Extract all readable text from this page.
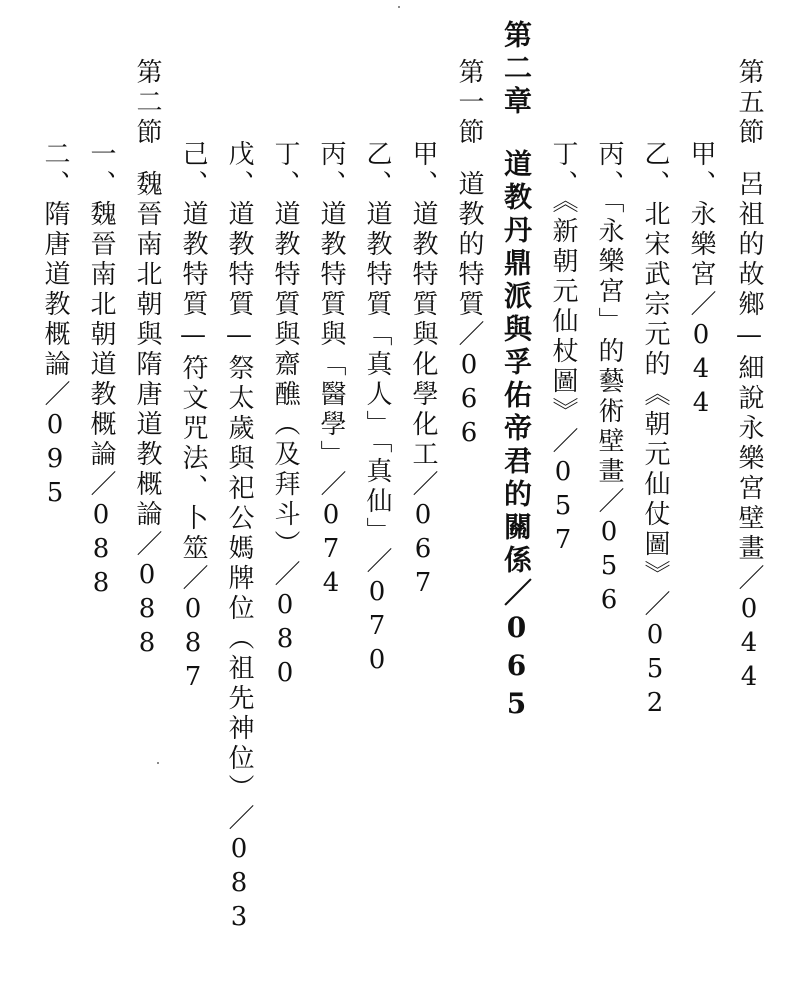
第五節呂祖的故鄉—細說永樂宮壁畫／044
甲、永樂宮／044
乙、北宋武宗元的《朝元仙仗圖》／052
丙、「永樂宮」的藝術壁畫／056
丁、《新朝元仙杖圖》／057
第二章道教丹鼎派與孚佑帝君的關係／065
第一節道教的特質／066
甲、道教特質與化學化工／067
乙、道教特質「真人」「真仙」／070
丙、道教特質與「醫學」／074
丁、道教特質與齋醮（及拜斗）／080
戊、道教特質—祭太歲與祀公媽牌位（祖先神位）／083
己、道教特質—符文咒法、卜筮／087
第二節魏晉南北朝與隋唐道教概論／088
一、魏晉南北朝道教概論／088
二、隋唐道教概論／095
